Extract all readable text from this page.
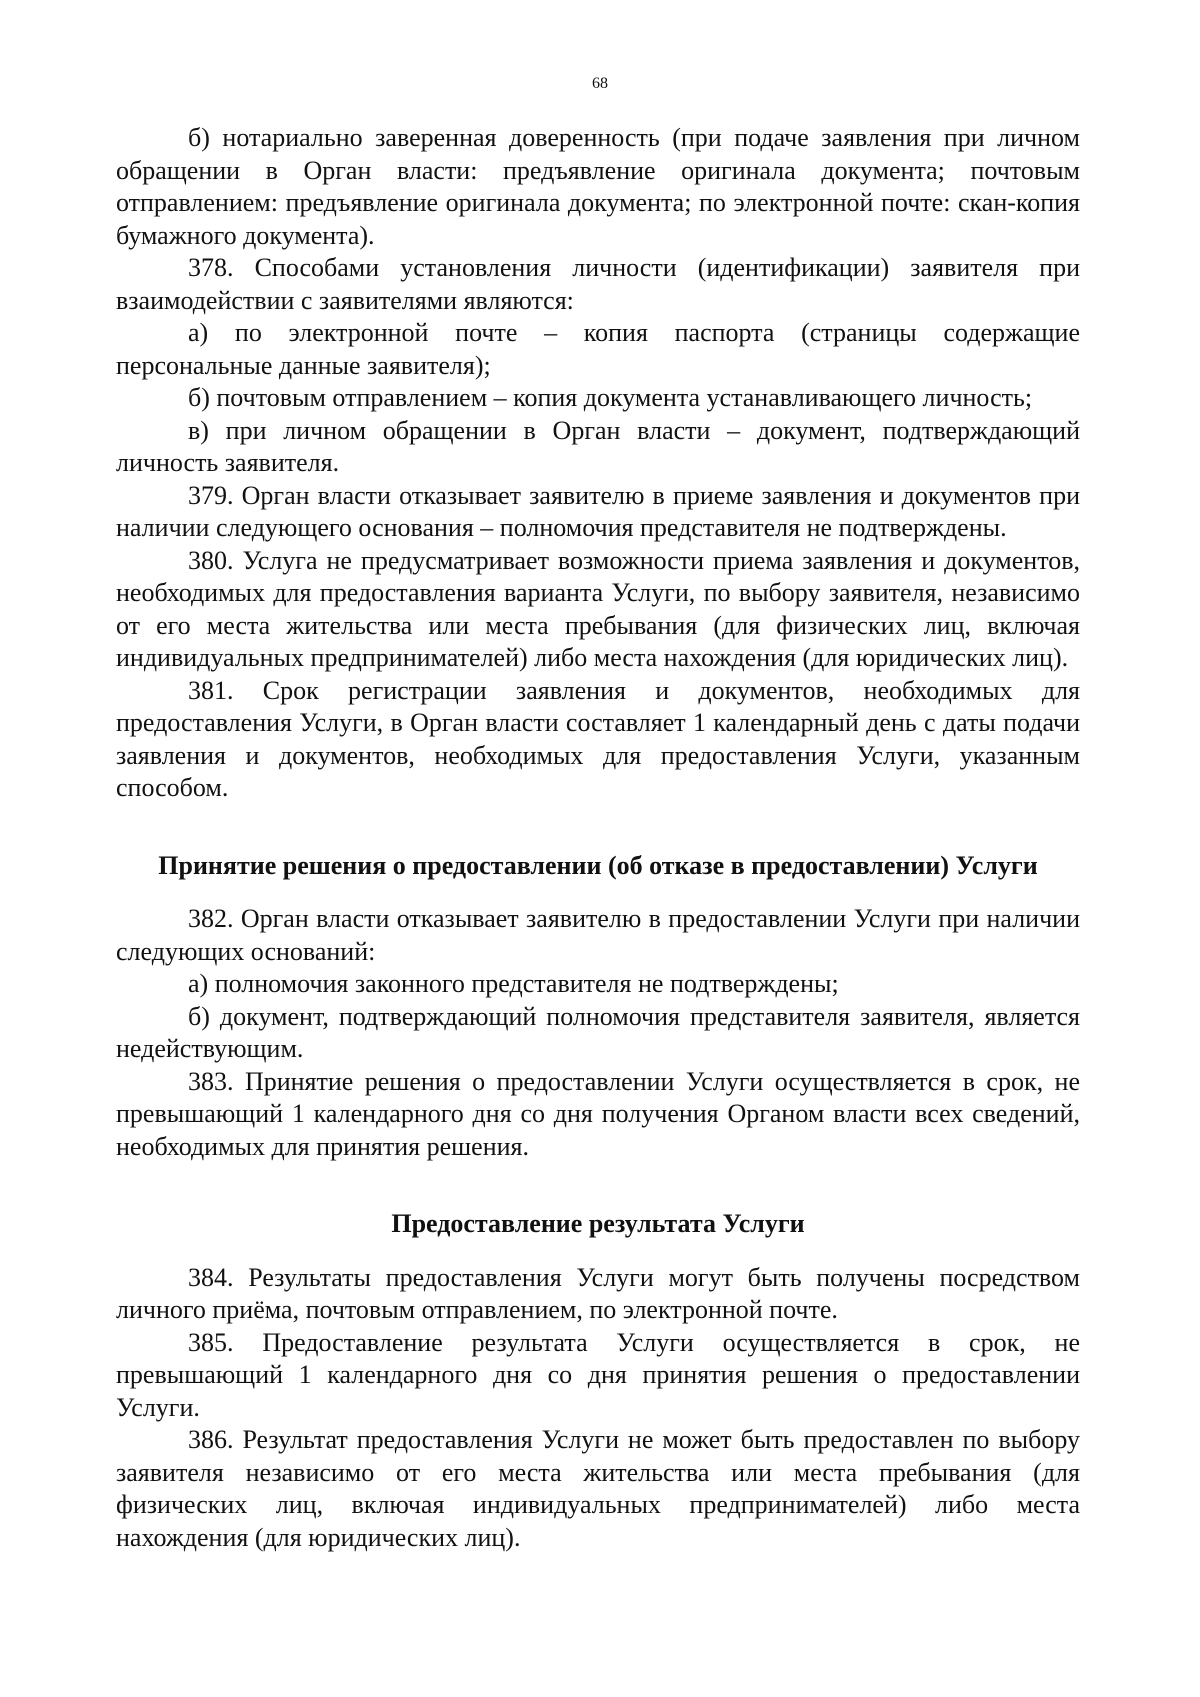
68

б) нотариально заверенная доверенность (при подаче заявления при личном обращении в Орган власти: предъявление оригинала документа; почтовым отправлением: предъявление оригинала документа; по электронной почте: скан-копия бумажного документа).

378. Способами установления личности (идентификации) заявителя при взаимодействии с заявителями являются:

а) по электронной почте – копия паспорта (страницы содержащие персональные данные заявителя);

б) почтовым отправлением – копия документа устанавливающего личность;

в) при личном обращении в Орган власти – документ, подтверждающий личность заявителя.

379. Орган власти отказывает заявителю в приеме заявления и документов при наличии следующего основания – полномочия представителя не подтверждены.

380. Услуга не предусматривает возможности приема заявления и документов, необходимых для предоставления варианта Услуги, по выбору заявителя, независимо от его места жительства или места пребывания (для физических лиц, включая индивидуальных предпринимателей) либо места нахождения (для юридических лиц).

381. Срок регистрации заявления и документов, необходимых для предоставления Услуги, в Орган власти составляет 1 календарный день с даты подачи заявления и документов, необходимых для предоставления Услуги, указанным способом.

Принятие решения о предоставлении (об отказе в предоставлении) Услуги

382. Орган власти отказывает заявителю в предоставлении Услуги при наличии следующих оснований:

а) полномочия законного представителя не подтверждены;

б) документ, подтверждающий полномочия представителя заявителя, является недействующим.

383. Принятие решения о предоставлении Услуги осуществляется в срок, не превышающий 1 календарного дня со дня получения Органом власти всех сведений, необходимых для принятия решения.

Предоставление результата Услуги

384. Результаты предоставления Услуги могут быть получены посредством личного приёма, почтовым отправлением, по электронной почте.

385. Предоставление результата Услуги осуществляется в срок, не превышающий 1 календарного дня со дня принятия решения о предоставлении Услуги.

386. Результат предоставления Услуги не может быть предоставлен по выбору заявителя независимо от его места жительства или места пребывания (для физических лиц, включая индивидуальных предпринимателей) либо места нахождения (для юридических лиц).
